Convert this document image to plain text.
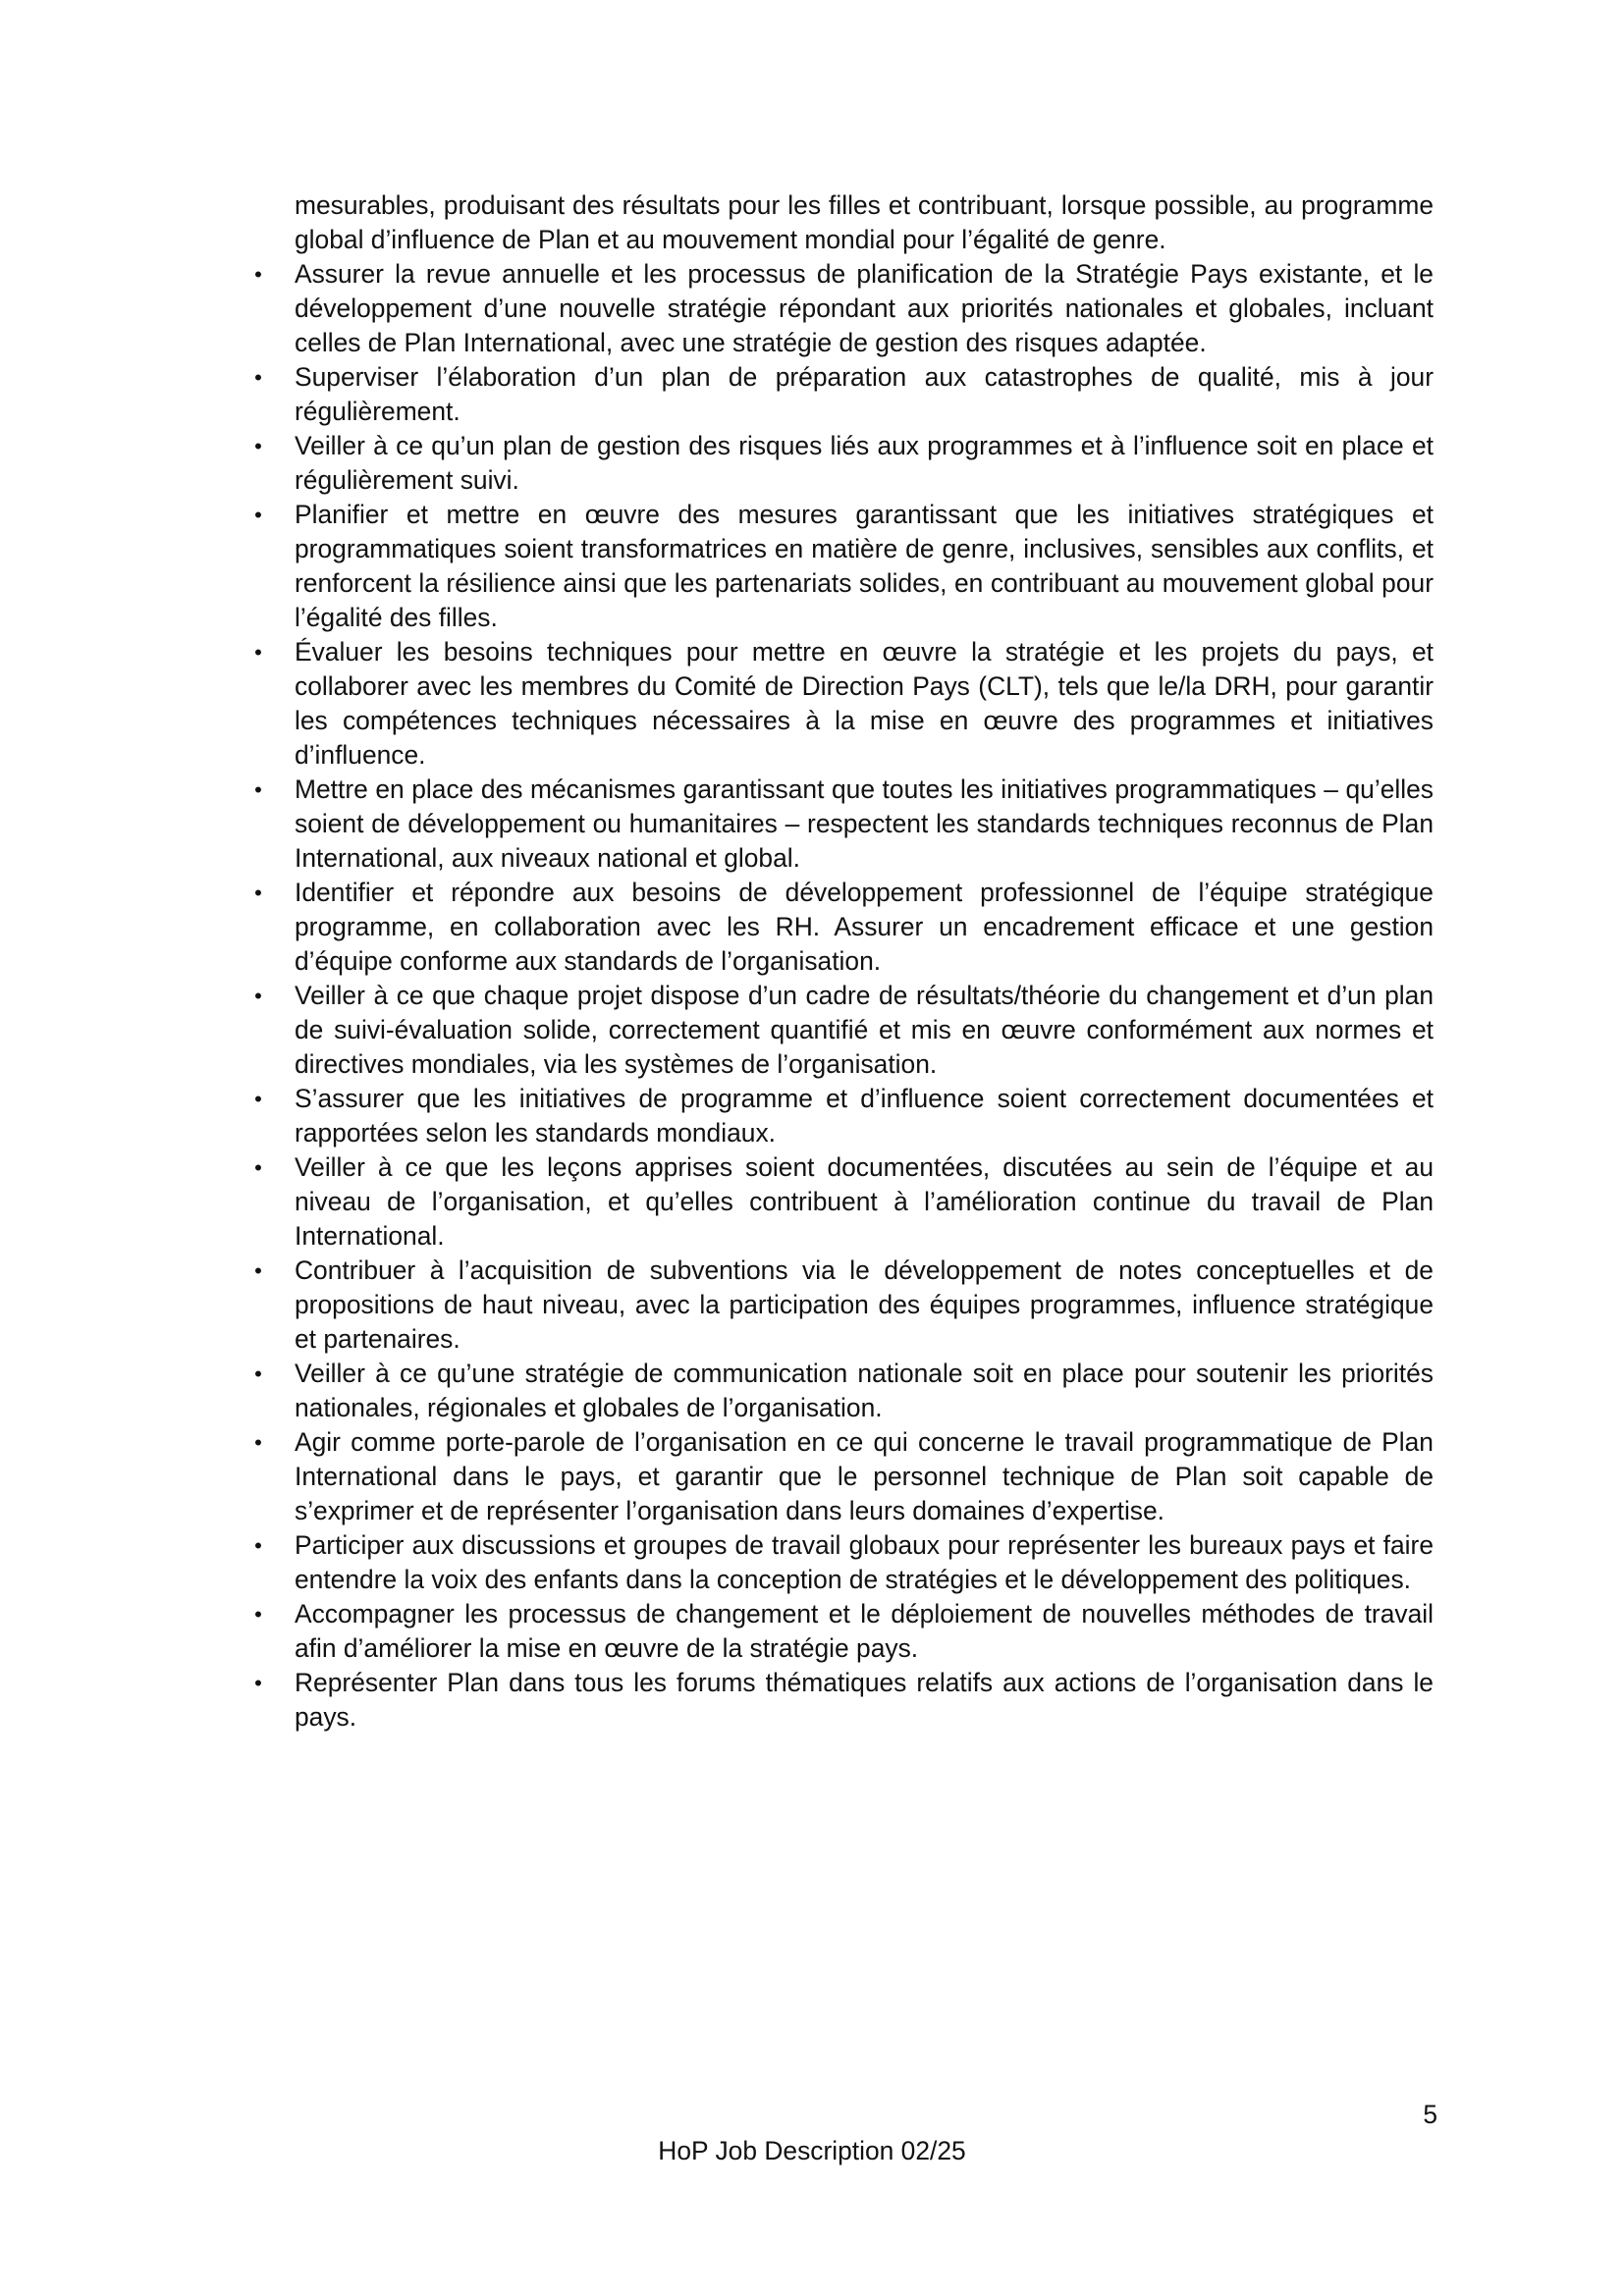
mesurables, produisant des résultats pour les filles et contribuant, lorsque possible, au programme global d’influence de Plan et au mouvement mondial pour l’égalité de genre.

• Assurer la revue annuelle et les processus de planification de la Stratégie Pays existante, et le développement d’une nouvelle stratégie répondant aux priorités nationales et globales, incluant celles de Plan International, avec une stratégie de gestion des risques adaptée.
• Superviser l’élaboration d’un plan de préparation aux catastrophes de qualité, mis à jour régulièrement.
• Veiller à ce qu’un plan de gestion des risques liés aux programmes et à l’influence soit en place et régulièrement suivi.
• Planifier et mettre en œuvre des mesures garantissant que les initiatives stratégiques et programmatiques soient transformatrices en matière de genre, inclusives, sensibles aux conflits, et renforcent la résilience ainsi que les partenariats solides, en contribuant au mouvement global pour l’égalité des filles.
• Évaluer les besoins techniques pour mettre en œuvre la stratégie et les projets du pays, et collaborer avec les membres du Comité de Direction Pays (CLT), tels que le/la DRH, pour garantir les compétences techniques nécessaires à la mise en œuvre des programmes et initiatives d’influence.
• Mettre en place des mécanismes garantissant que toutes les initiatives programmatiques – qu’elles soient de développement ou humanitaires – respectent les standards techniques reconnus de Plan International, aux niveaux national et global.
• Identifier et répondre aux besoins de développement professionnel de l’équipe stratégique programme, en collaboration avec les RH. Assurer un encadrement efficace et une gestion d’équipe conforme aux standards de l’organisation.
• Veiller à ce que chaque projet dispose d’un cadre de résultats/théorie du changement et d’un plan de suivi-évaluation solide, correctement quantifié et mis en œuvre conformément aux normes et directives mondiales, via les systèmes de l’organisation.
• S’assurer que les initiatives de programme et d’influence soient correctement documentées et rapportées selon les standards mondiaux.
• Veiller à ce que les leçons apprises soient documentées, discutées au sein de l’équipe et au niveau de l’organisation, et qu’elles contribuent à l’amélioration continue du travail de Plan International.
• Contribuer à l’acquisition de subventions via le développement de notes conceptuelles et de propositions de haut niveau, avec la participation des équipes programmes, influence stratégique et partenaires.
• Veiller à ce qu’une stratégie de communication nationale soit en place pour soutenir les priorités nationales, régionales et globales de l’organisation.
• Agir comme porte-parole de l’organisation en ce qui concerne le travail programmatique de Plan International dans le pays, et garantir que le personnel technique de Plan soit capable de s’exprimer et de représenter l’organisation dans leurs domaines d’expertise.
• Participer aux discussions et groupes de travail globaux pour représenter les bureaux pays et faire entendre la voix des enfants dans la conception de stratégies et le développement des politiques.
• Accompagner les processus de changement et le déploiement de nouvelles méthodes de travail afin d’améliorer la mise en œuvre de la stratégie pays.
• Représenter Plan dans tous les forums thématiques relatifs aux actions de l’organisation dans le pays.
5
HoP Job Description 02/25
